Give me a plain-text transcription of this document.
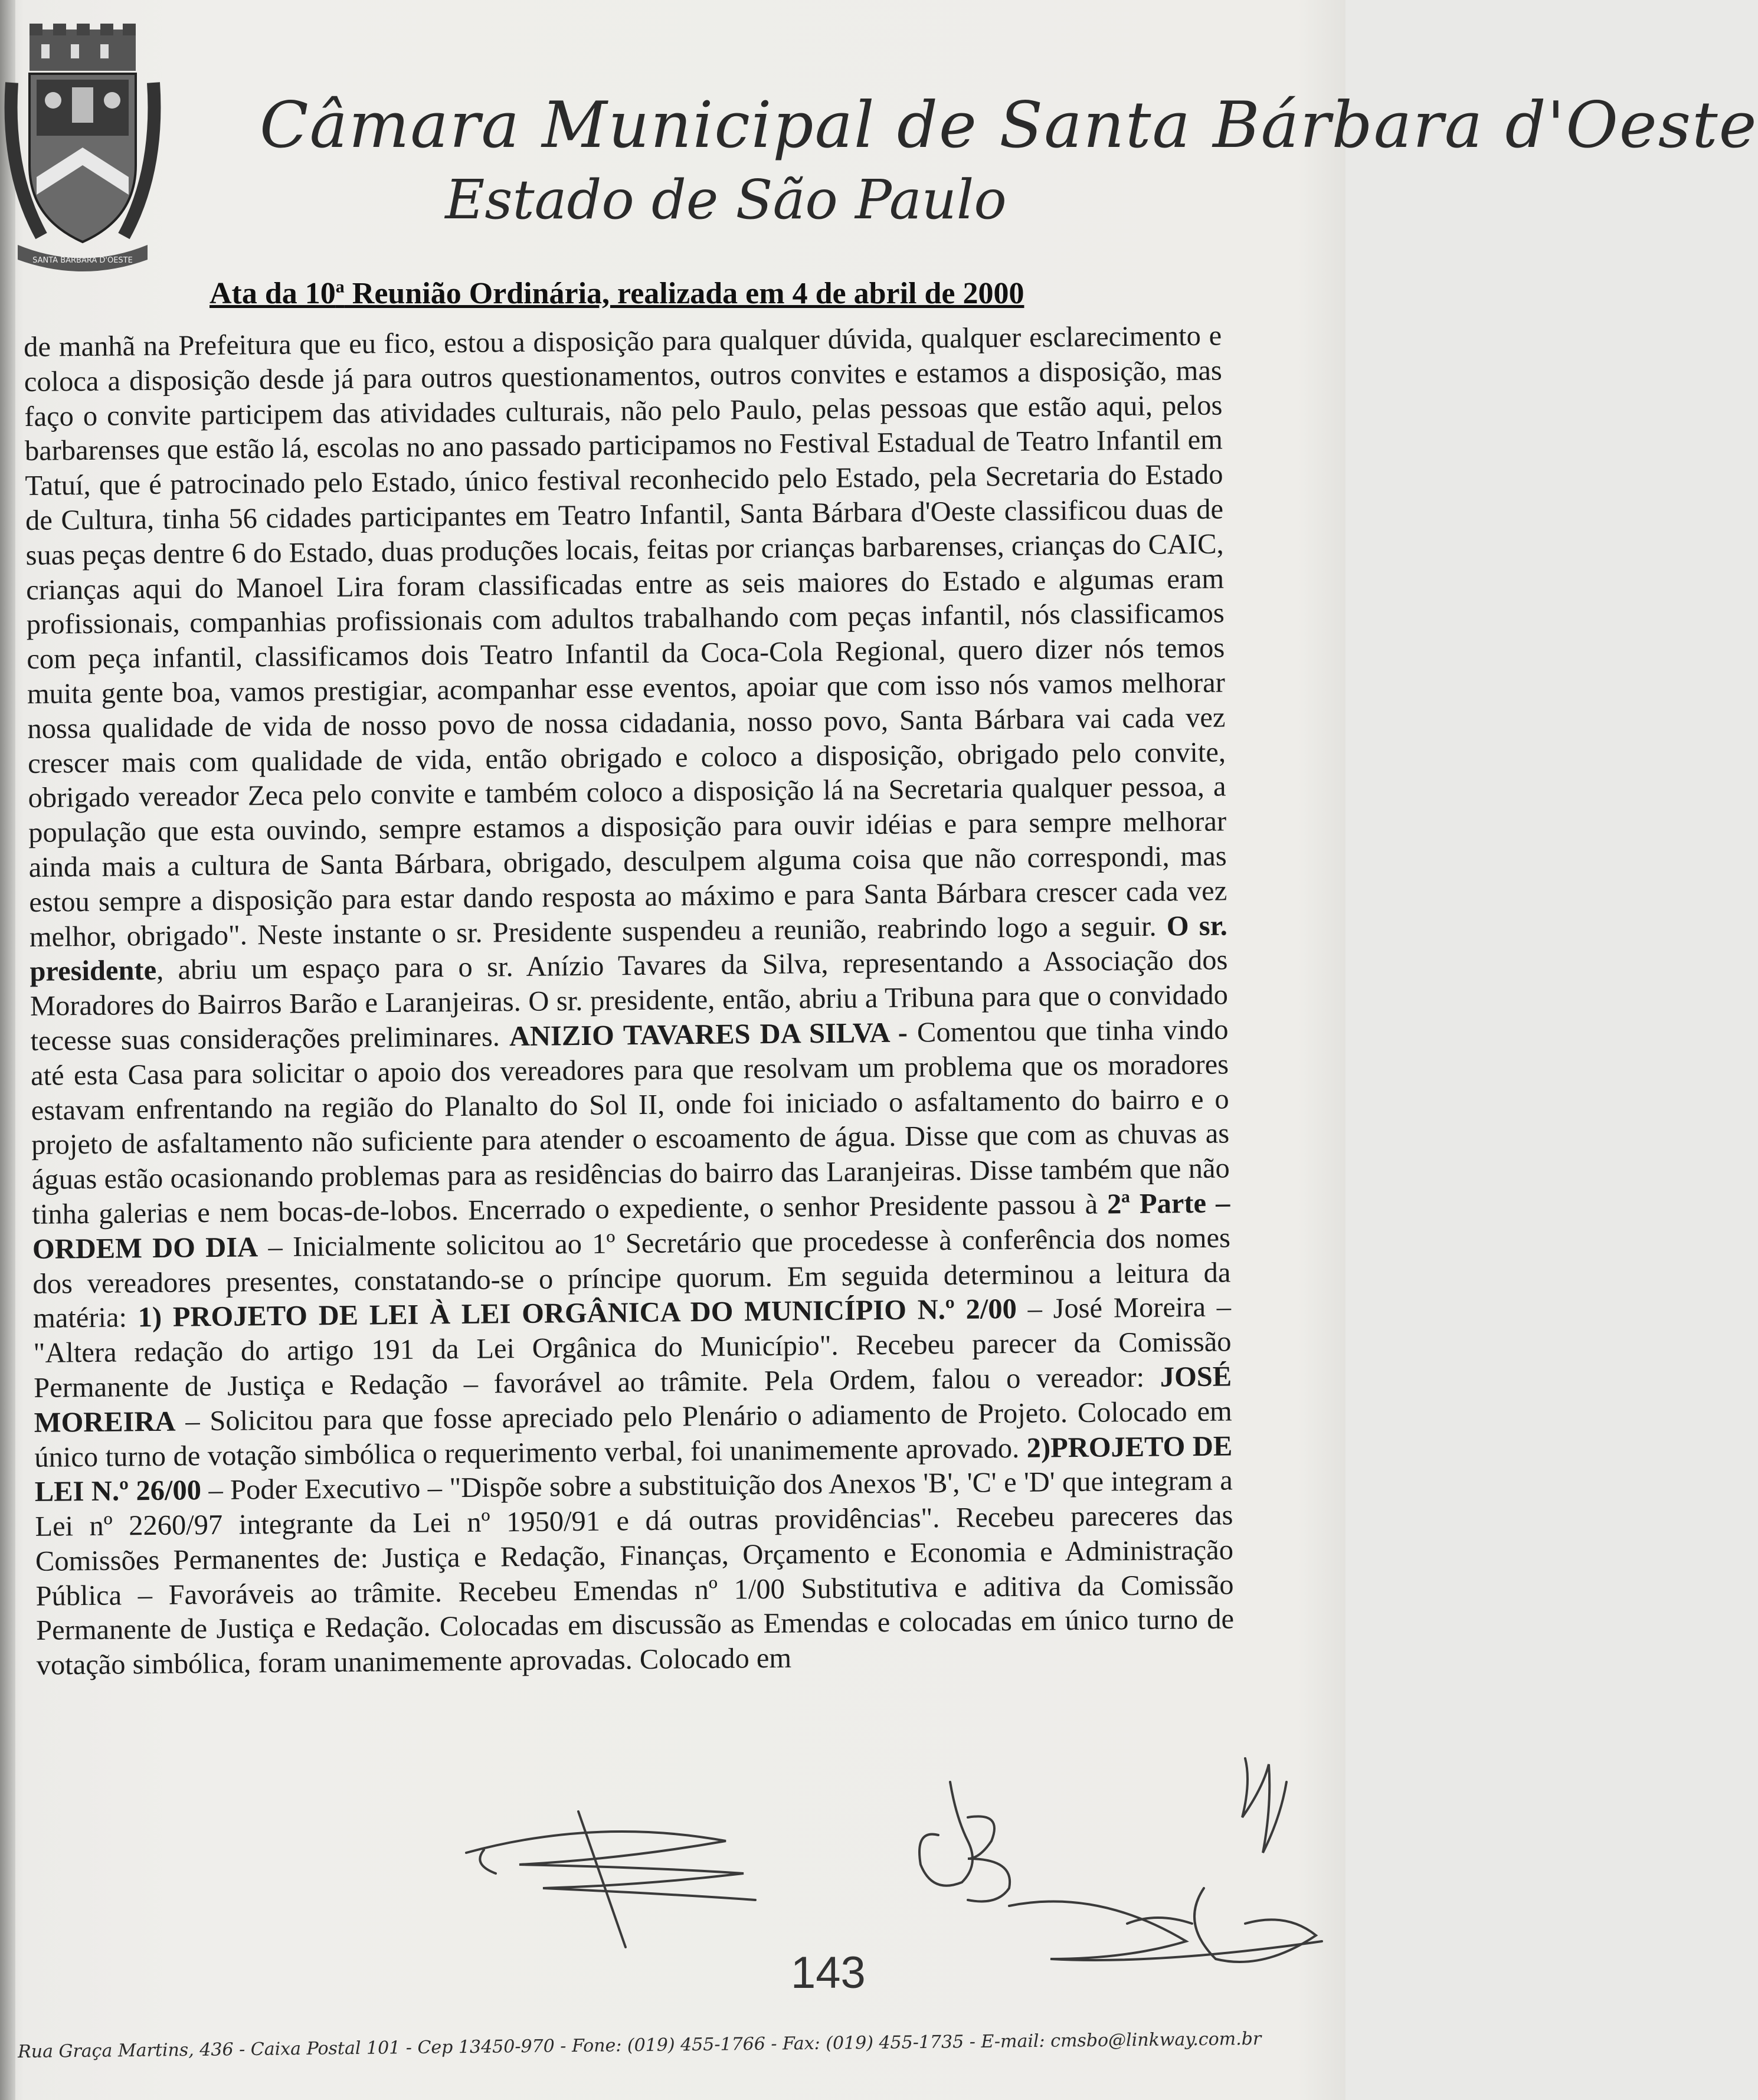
SANTA BÁRBARA D'OESTE
Câmara Municipal de Santa Bárbara d'Oeste
Estado de São Paulo
Ata da 10$^a$ Reunião Ordinária, realizada em 4 de abril de 2000

de manhã na Prefeitura que eu fico, estou a disposição para qualquer dúvida, qualquer esclarecimento e coloca a disposição desde já para outros questionamentos, outros convites e estamos a disposição, mas faço o convite participem das atividades culturais, não pelo Paulo, pelas pessoas que estão aqui, pelos barbarenses que estão lá, escolas no ano passado participamos no Festival Estadual de Teatro Infantil em Tatuí, que é patrocinado pelo Estado, único festival reconhecido pelo Estado, pela Secretaria do Estado de Cultura, tinha 56 cidades participantes em Teatro Infantil, Santa Bárbara d'Oeste classificou duas de suas peças dentre 6 do Estado, duas produções locais, feitas por crianças barbarenses, crianças do CAIC, crianças aqui do Manoel Lira foram classificadas entre as seis maiores do Estado e algumas eram profissionais, companhias profissionais com adultos trabalhando com peças infantil, nós classificamos com peça infantil, classificamos dois Teatro Infantil da Coca-Cola Regional, quero dizer nós temos muita gente boa, vamos prestigiar, acompanhar esse eventos, apoiar que com isso nós vamos melhorar nossa qualidade de vida de nosso povo de nossa cidadania, nosso povo, Santa Bárbara vai cada vez crescer mais com qualidade de vida, então obrigado e coloco a disposição, obrigado pelo convite, obrigado vereador Zeca pelo convite e também coloco a disposição lá na Secretaria qualquer pessoa, a população que esta ouvindo, sempre estamos a disposição para ouvir idéias e para sempre melhorar ainda mais a cultura de Santa Bárbara, obrigado, desculpem alguma coisa que não correspondi, mas estou sempre a disposição para estar dando resposta ao máximo e para Santa Bárbara crescer cada vez melhor, obrigado". Neste instante o sr. Presidente suspendeu a reunião, reabrindo logo a seguir. O sr. presidente, abriu um espaço para o sr. Anízio Tavares da Silva, representando a Associação dos Moradores do Bairros Barão e Laranjeiras. O sr. presidente, então, abriu a Tribuna para que o convidado tecesse suas considerações preliminares. ANIZIO TAVARES DA SILVA - Comentou que tinha vindo até esta Casa para solicitar o apoio dos vereadores para que resolvam um problema que os moradores estavam enfrentando na região do Planalto do Sol II, onde foi iniciado o asfaltamento do bairro e o projeto de asfaltamento não suficiente para atender o escoamento de água. Disse que com as chuvas as águas estão ocasionando problemas para as residências do bairro das Laranjeiras. Disse também que não tinha galerias e nem bocas-de-lobos. Encerrado o expediente, o senhor Presidente passou à 2ª Parte – ORDEM DO DIA – Inicialmente solicitou ao 1º Secretário que procedesse à conferência dos nomes dos vereadores presentes, constatando-se o príncipe quorum. Em seguida determinou a leitura da matéria: 1) PROJETO DE LEI À LEI ORGÂNICA DO MUNICÍPIO N.º 2/00 – José Moreira – "Altera redação do artigo 191 da Lei Orgânica do Município". Recebeu parecer da Comissão Permanente de Justiça e Redação – favorável ao trâmite. Pela Ordem, falou o vereador: JOSÉ MOREIRA – Solicitou para que fosse apreciado pelo Plenário o adiamento de Projeto. Colocado em único turno de votação simbólica o requerimento verbal, foi unanimemente aprovado. 2)PROJETO DE LEI N.º 26/00 – Poder Executivo – "Dispõe sobre a substituição dos Anexos 'B', 'C' e 'D' que integram a Lei nº 2260/97 integrante da Lei nº 1950/91 e dá outras providências". Recebeu pareceres das Comissões Permanentes de: Justiça e Redação, Finanças, Orçamento e Economia e Administração Pública – Favoráveis ao trâmite. Recebeu Emendas nº 1/00 Substitutiva e aditiva da Comissão Permanente de Justiça e Redação. Colocadas em discussão as Emendas e colocadas em único turno de votação simbólica, foram unanimemente aprovadas. Colocado em

143
Rua Graça Martins, 436 - Caixa Postal 101 - Cep 13450-970 - Fone: (019) 455-1766 - Fax: (019) 455-1735 - E-mail: cmsbo@linkway.com.br
